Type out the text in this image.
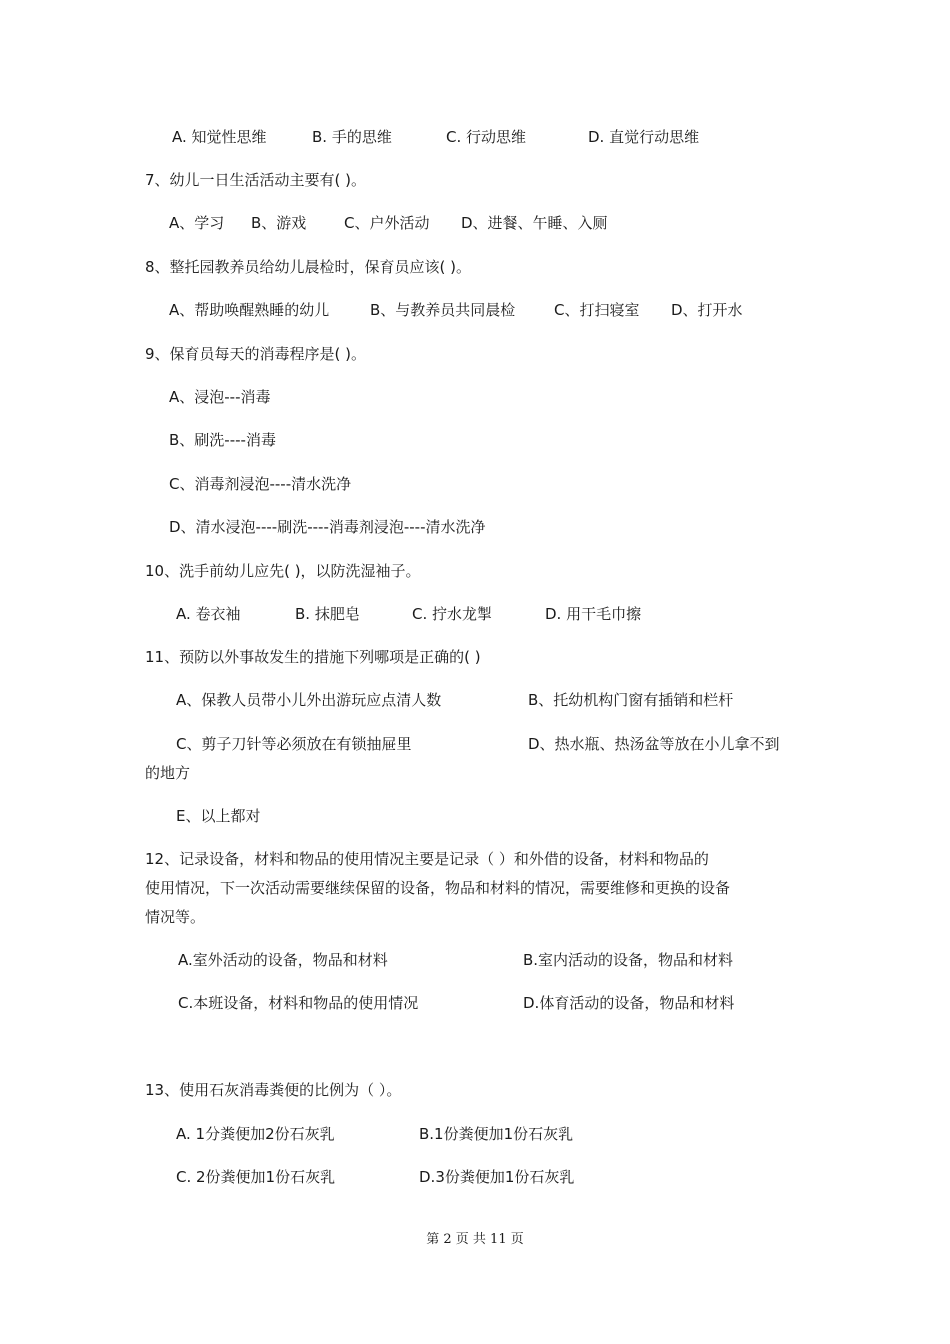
A. 知觉性思维	B. 手的思维	C. 行动思维	D. 直觉行动思维
7、幼儿一日生活活动主要有( )。
A、学习 B、游戏	C、户外活动 D、进餐、午睡、入厕
8、整托园教养员给幼儿晨检时，保育员应该( )。
A、帮助唤醒熟睡的幼儿	B、与教养员共同晨检	C、打扫寝室 D、打开水
9、保育员每天的消毒程序是( )。
A、浸泡---消毒
B、刷洗----消毒
C、消毒剂浸泡----清水洗净
D、清水浸泡----刷洗----消毒剂浸泡----清水洗净
10、洗手前幼儿应先( )，以防洗湿袖子。
A. 卷衣袖	B. 抹肥皂	C. 拧水龙掣	D. 用干毛巾擦
11、预防以外事故发生的措施下列哪项是正确的( )
A、保教人员带小儿外出游玩应点清人数	B、托幼机构门窗有插销和栏杆
C、剪子刀针等必须放在有锁抽屉里	D、热水瓶、热汤盆等放在小儿拿不到
的地方
E、以上都对
12、记录设备，材料和物品的使用情况主要是记录（ ）和外借的设备，材料和物品的
使用情况，下一次活动需要继续保留的设备，物品和材料的情况，需要维修和更换的设备
情况等。
A.室外活动的设备，物品和材料	B.室内活动的设备，物品和材料
C.本班设备，材料和物品的使用情况	D.体育活动的设备，物品和材料
13、使用石灰消毒粪便的比例为（ ）。
A. 1分粪便加2份石灰乳	B.1份粪便加1份石灰乳
C. 2份粪便加1份石灰乳	D.3份粪便加1份石灰乳
第 2 页 共 11 页
